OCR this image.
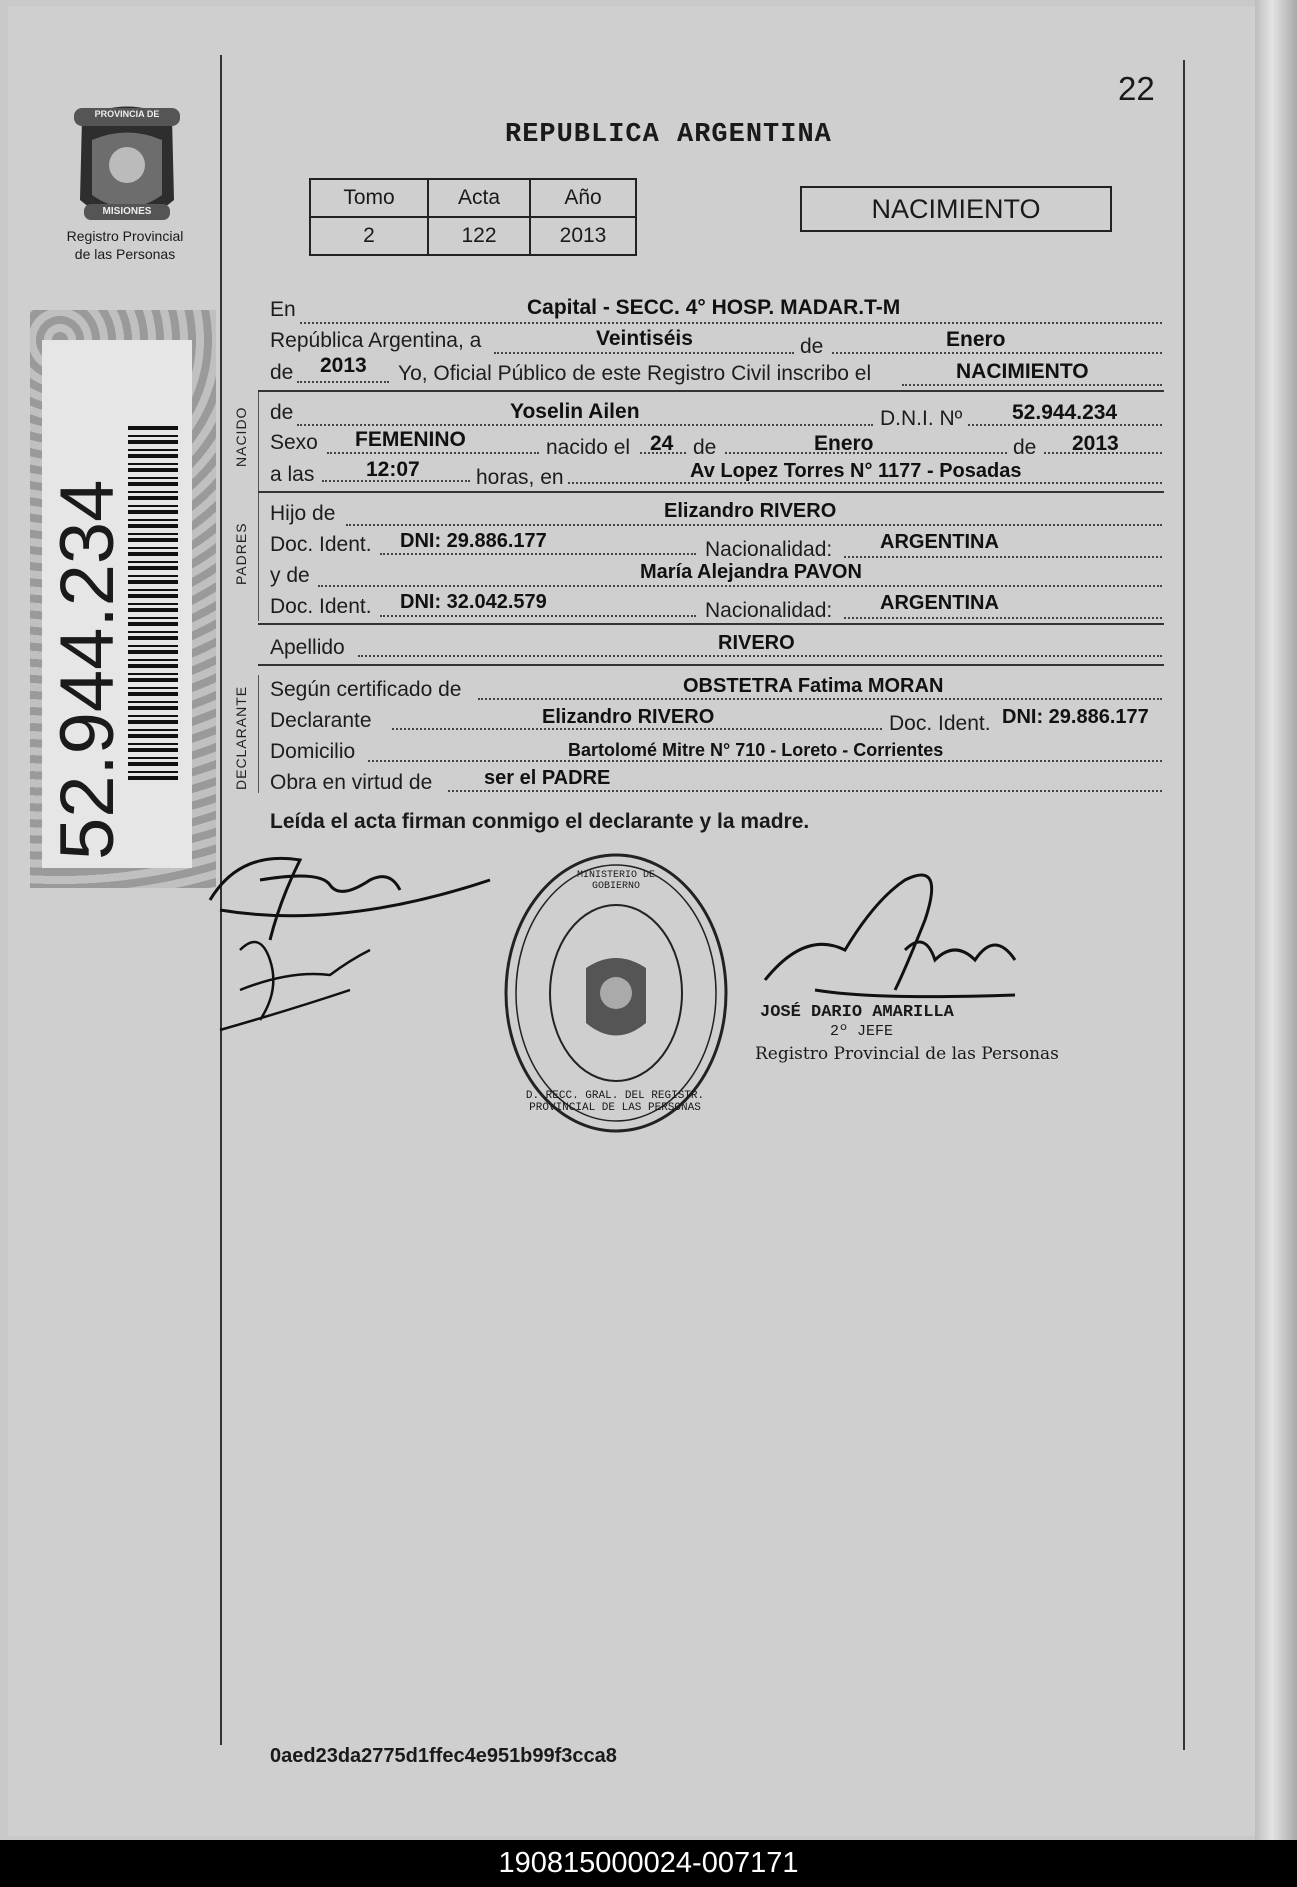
PROVINCIA DE
MISIONES
Registro Provincial
de las Personas
52.944.234
22
REPUBLICA ARGENTINA
Tomo	Acta	Año
2	122	2013
NACIMIENTO
En	Capital - SECC. 4° HOSP. MADAR.T-M
República Argentina, a	Veintiséis	de	Enero
de 2013 Yo, Oficial Público de este Registro Civil inscribo el	NACIMIENTO
NACIDO de	Yoselin Ailen	D.N.I. Nº 52.944.234
Sexo FEMENINO	nacido el 24 de	Enero	de 2013
a las 12:07	horas, en	Av Lopez Torres N° 1177 - Posadas
PADRES
Hijo de	Elizandro RIVERO
Doc. Ident. DNI: 29.886.177	Nacionalidad: ARGENTINA
y de	María Alejandra PAVON
Doc. Ident. DNI: 32.042.579	Nacionalidad: ARGENTINA
Apellido	RIVERO
DECLARANTE Según certificado de	OBSTETRA Fatima MORAN
Declarante	Elizandro RIVERO	Doc. Ident. DNI: 29.886.177
Domicilio	Bartolomé Mitre N° 710 - Loreto - Corrientes
Obra en virtud de	ser el PADRE
Leída el acta firman conmigo el declarante y la madre.
D. RECC. GRAL. DEL REGISTR. PROVINCIAL DE LAS PERSONAS
MINISTERIO DE GOBIERNO
JOSÉ DARIO AMARILLA
2º JEFE
Registro Provincial de las Personas
0aed23da2775d1ffec4e951b99f3cca8
190815000024-007171
